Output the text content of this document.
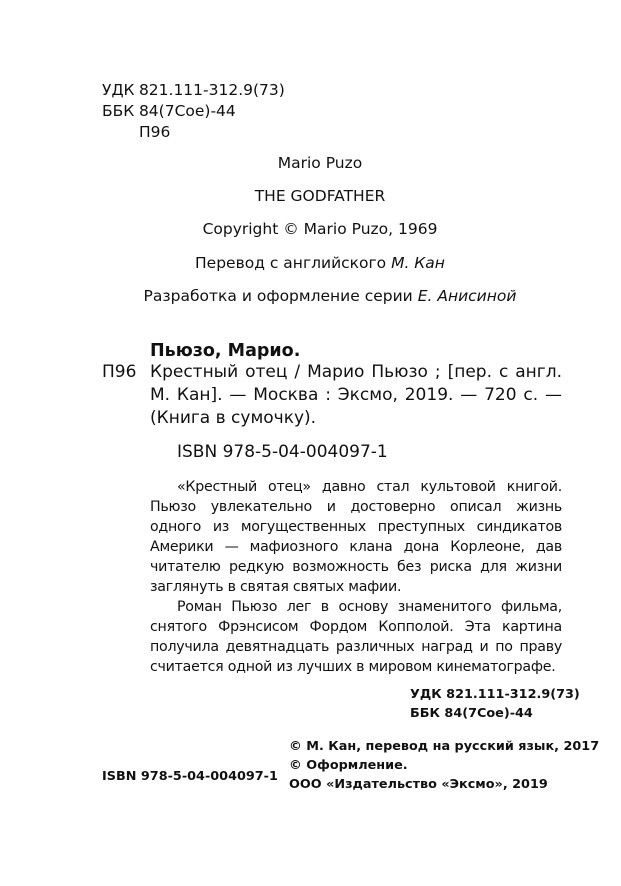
УДК 821.111-312.9(73)
ББК 84(7Сое)-44
П96
Mario Puzo
THE GODFATHER
Copyright © Mario Puzo, 1969
Перевод с английского М. Кан
Разработка и оформление серии Е. Анисиной
Пьюзо, Марио.
П96 Крестный отец / Марио Пьюзо ; [пер. с англ. М. Кан]. — Москва : Эксмо, 2019. — 720 с. — (Книга в сумочку).
ISBN 978-5-04-004097-1

«Крестный отец» давно стал культовой книгой. Пьюзо увлекательно и достоверно описал жизнь одного из могущественных преступных синдикатов Америки — мафиозного клана дона Корлеоне, дав читателю редкую возможность без риска для жизни заглянуть в святая святых мафии.

Роман Пьюзо лег в основу знаменитого фильма, снятого Фрэнсисом Фордом Копполой. Эта картина получила девятнадцать различных наград и по праву считается одной из лучших в мировом кинематографе.

УДК 821.111-312.9(73)
ББК 84(7Сое)-44
© М. Кан, перевод на русский язык, 2017
© Оформление.
ООО «Издательство «Эксмо», 2019
ISBN 978-5-04-004097-1
